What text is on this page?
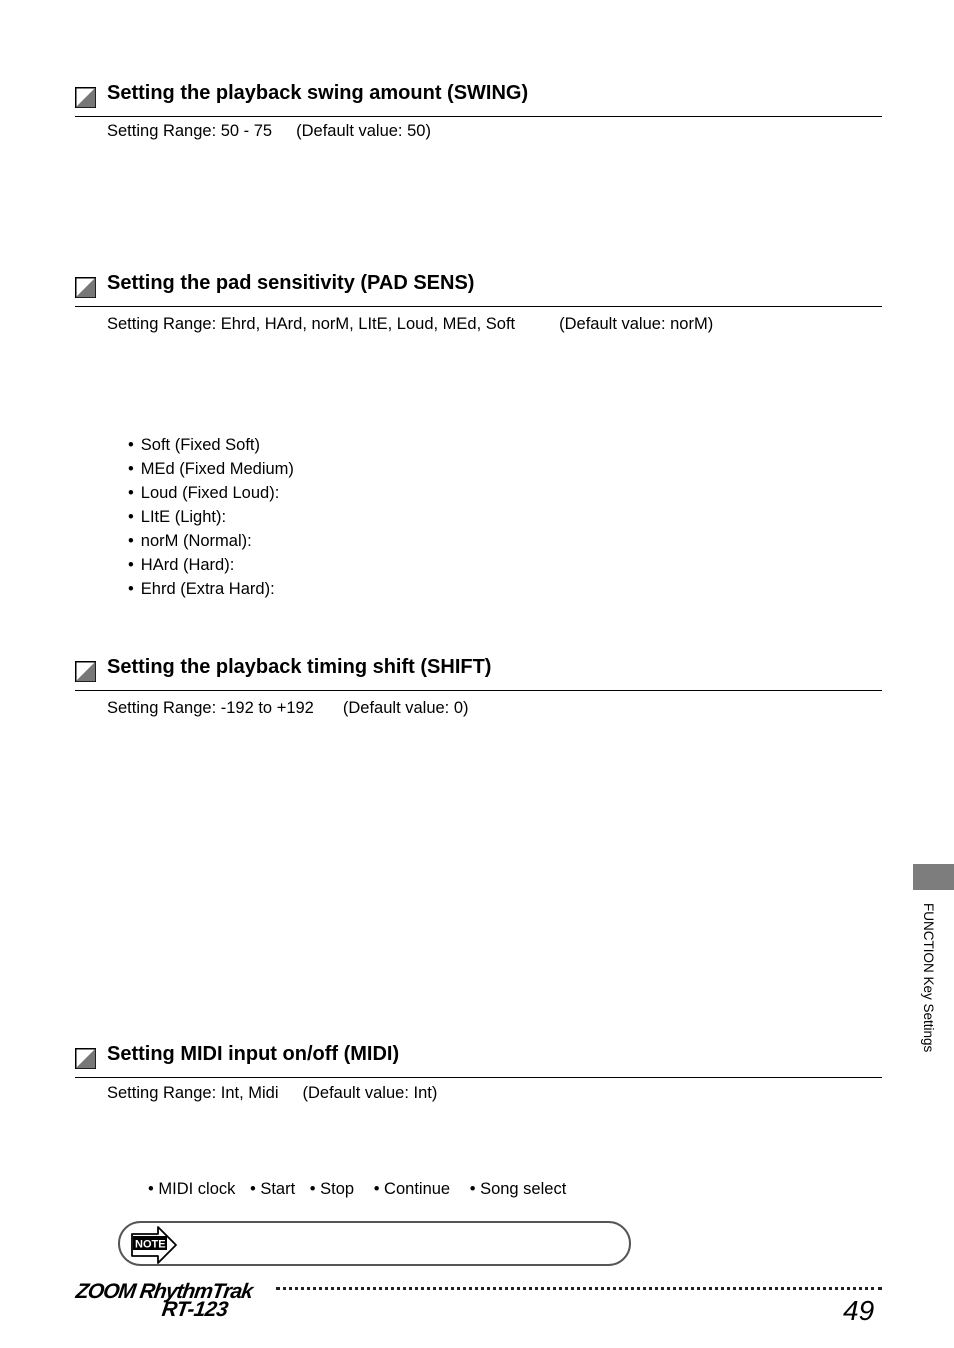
Setting the playback swing amount (SWING)
Setting Range: 50 - 75 (Default value: 50)
Setting the pad sensitivity (PAD SENS)
Setting Range: Ehrd, HArd, norM, LItE, Loud, MEd, Soft	(Default value: norM)
• Soft (Fixed Soft)
• MEd (Fixed Medium)
• Loud (Fixed Loud):
• LItE (Light):
• norM (Normal):
• HArd (Hard):
• Ehrd (Extra Hard):
Setting the playback timing shift (SHIFT)
Setting Range: -192 to +192 (Default value: 0)
Setting MIDI input on/off (MIDI)
Setting Range: Int, Midi (Default value: Int)
• MIDI clock • Start • Stop • Continue • Song select
NOTE
FUNCTION Key Settings
ZOOM RhythmTrak
RT-123	49
